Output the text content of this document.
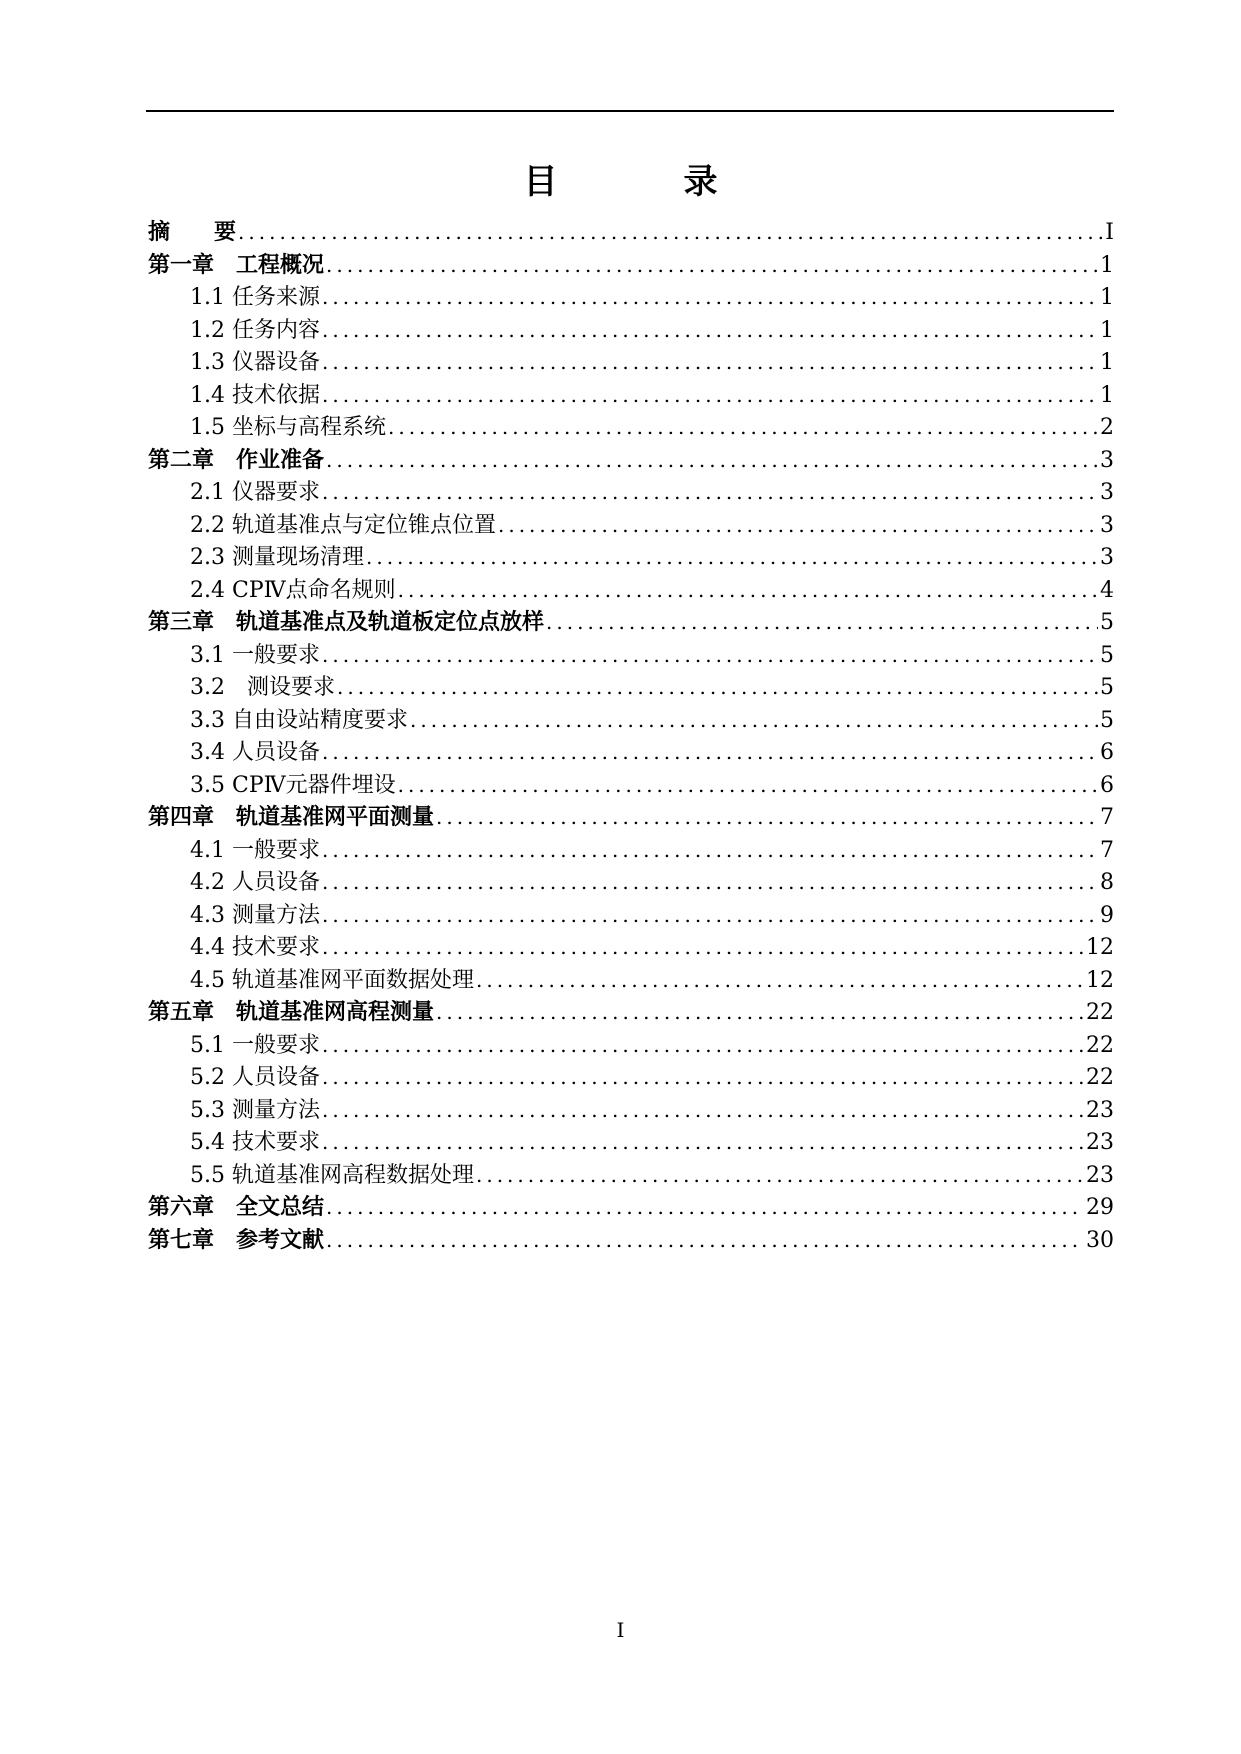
目　录
摘　　要 .....	I
第一章　工程概况 .....	1
1.1 任务来源 .....	1
1.2 任务内容 .....	1
1.3 仪器设备 .....	1
1.4 技术依据 .....	1
1.5 坐标与高程系统 .....	2
第二章　作业准备 .....	3
2.1 仪器要求 .....	3
2.2 轨道基准点与定位锥点位置 .....	3
2.3 测量现场清理 .....	3
2.4 CPⅣ点命名规则 .....	4
第三章　轨道基准点及轨道板定位点放样 .....	5
3.1 一般要求 .....	5
3.2　测设要求 .....	5
3.3 自由设站精度要求 .....	5
3.4 人员设备 .....	6
3.5 CPⅣ元器件埋设 .....	6
第四章　轨道基准网平面测量 .....	7
4.1 一般要求 .....	7
4.2 人员设备 .....	8
4.3 测量方法 .....	9
4.4 技术要求 .....	12
4.5 轨道基准网平面数据处理 .....	12
第五章　轨道基准网高程测量 .....	22
5.1 一般要求 .....	22
5.2 人员设备 .....	22
5.3 测量方法 .....	23
5.4 技术要求 .....	23
5.5 轨道基准网高程数据处理 .....	23
第六章　全文总结 .....	29
第七章　参考文献 .....	30
I
